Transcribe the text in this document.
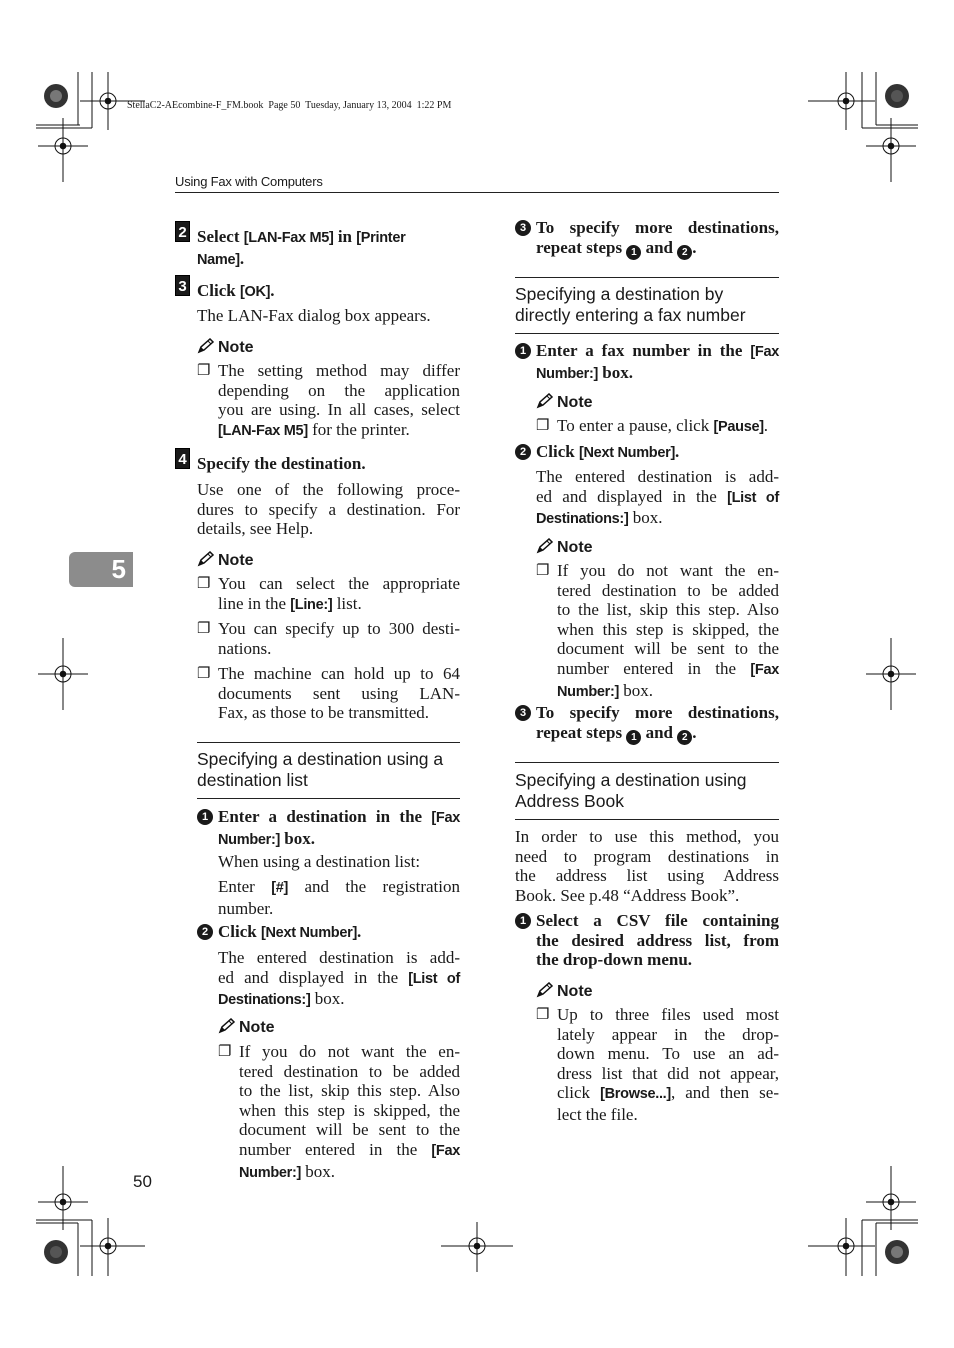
StellaC2-AEcombine-F_FM.book  Page 50  Tuesday, January 13, 2004  1:22 PM
Using Fax with Computers
5
50
2 Select [LAN-Fax M5] in [Printer
Name].

3 Click [OK].

The LAN-Fax dialog box appears.

Note
❐ The setting method may differ
depending on the application
you are using. In all cases, select
[LAN-Fax M5] for the printer.
4 Specify the destination.

Use one of the following proce-
dures to specify a destination. For
details, see Help.
Note
❐ You can select the appropriate
line in the [Line:] list.
❐ You can specify up to 300 desti-
nations.
❐ The machine can hold up to 64
documents sent using LAN-
Fax, as those to be transmitted.
Specifying a destination using a
destination list
1 Enter a destination in the [Fax
Number:] box.
When using a destination list:
Enter [#] and the registration
number.
2 Click [Next Number].
The entered destination is add-
ed and displayed in the [List of
Destinations:] box.
Note
❐ If you do not want the en-
tered destination to be added
to the list, skip this step. Also
when this step is skipped, the
document will be sent to the
number entered in the [Fax
Number:] box.
3 To specify more destinations,
repeat steps 1 and 2 .
Specifying a destination by
directly entering a fax number
1 Enter a fax number in the [Fax
Number:] box.
Note
❐ To enter a pause, click [Pause].
2 Click [Next Number].
The entered destination is add-
ed and displayed in the [List of
Destinations:] box.
Note
❐ If you do not want the en-
tered destination to be added
to the list, skip this step. Also
when this step is skipped, the
document will be sent to the
number entered in the [Fax
Number:] box.
3 To specify more destinations,
repeat steps 1 and 2 .
Specifying a destination using
Address Book
In order to use this method, you
need to program destinations in
the address list using Address
Book. See p.48 “Address Book”.
1 Select a CSV file containing
the desired address list, from
the drop-down menu.
Note
❐ Up to three files used most
lately appear in the drop-
down menu. To use an ad-
dress list that did not appear,
click [Browse...], and then se-
lect the file.
